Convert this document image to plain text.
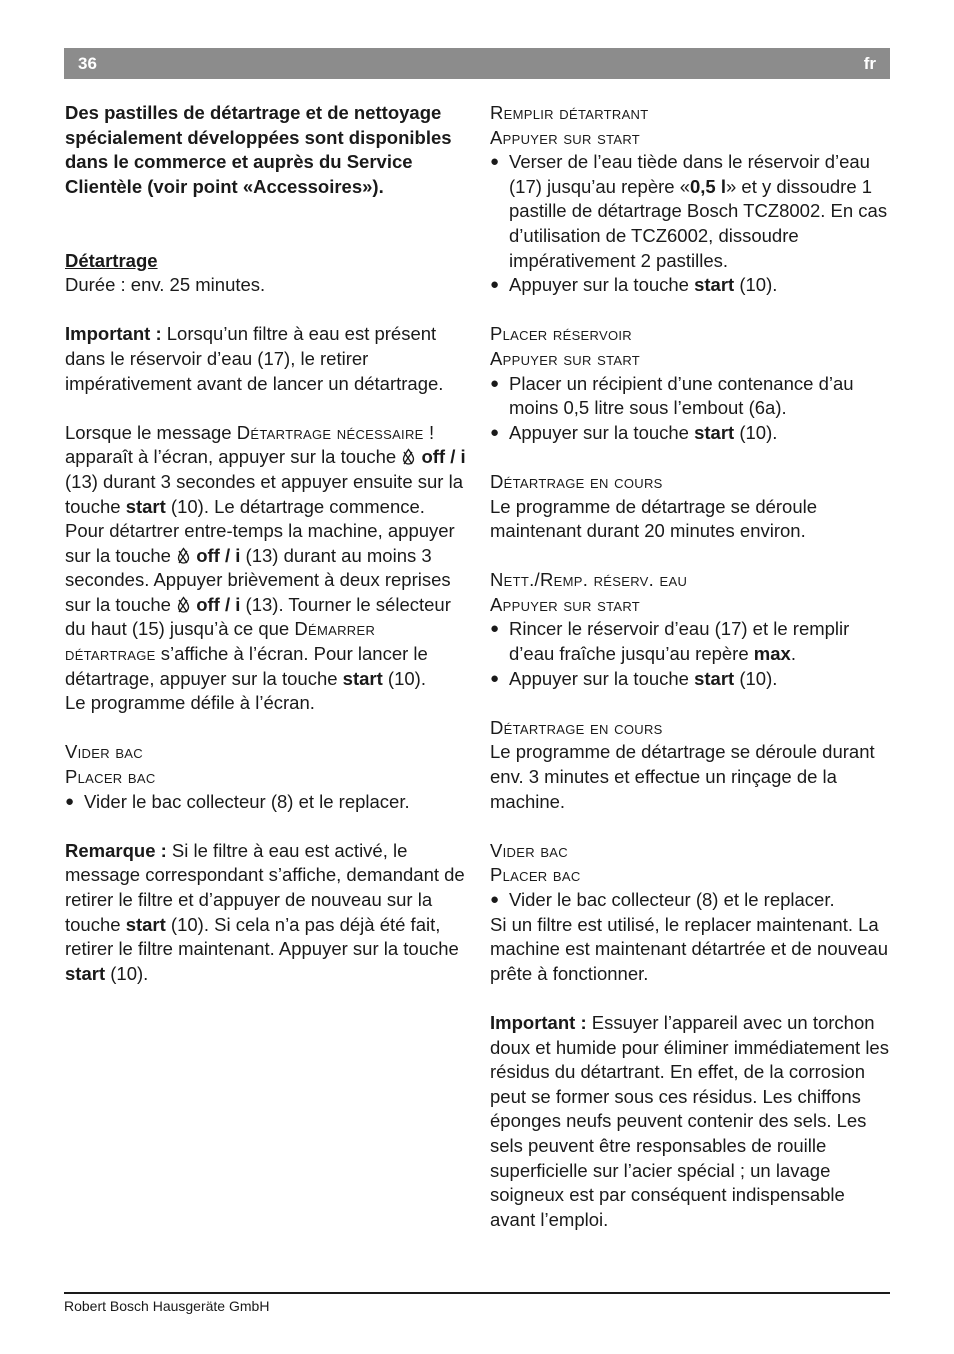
36	fr

Des pastilles de détartrage et de nettoyage spécialement développées sont disponibles dans le commerce et auprès du Service Clientèle (voir point «Accessoires»).

Détartrage

Durée : env. 25 minutes.

Important : Lorsqu’un filtre à eau est présent dans le réservoir d’eau (17), le retirer impérativement avant de lancer un détartrage.

Lorsque le message Détartrage nécessaire ! apparaît à l’écran, appuyer sur la touche
off / i (13) durant 3 secondes et appuyer ensuite sur la touche start (10). Le détartrage commence.

Pour détartrer entre-temps la machine, appuyer sur la touche
off / i (13) durant au moins 3 secondes. Appuyer brièvement à deux reprises sur la touche
off / i (13). Tourner le sélecteur du haut (15) jusqu’à ce que Démarrer détartrage s’affiche à l’écran. Pour lancer le détartrage, appuyer sur la touche start (10).

Le programme défile à l’écran.

Vider bac

Placer bac

● Vider le bac collecteur (8) et le replacer.

Remarque : Si le filtre à eau est activé, le message correspondant s’affiche, demandant de retirer le filtre et d’appuyer de nouveau sur la touche start (10). Si cela n’a pas déjà été fait, retirer le filtre maintenant. Appuyer sur la touche start (10).

Remplir détartrant

Appuyer sur start

● Verser de l’eau tiède dans le réservoir d’eau (17) jusqu’au repère «0,5 l» et y dissoudre 1 pastille de détartrage Bosch TCZ8002. En cas d’utilisation de TCZ6002, dissoudre impérativement 2 pastilles.
● Appuyer sur la touche start (10).

Placer réservoir

Appuyer sur start

● Placer un récipient d’une contenance d’au moins 0,5 litre sous l’embout (6a).
● Appuyer sur la touche start (10).

Détartrage en cours

Le programme de détartrage se déroule maintenant durant 20 minutes environ.

Nett./Remp. réserv. eau

Appuyer sur start

● Rincer le réservoir d’eau (17) et le remplir d’eau fraîche jusqu’au repère max.
● Appuyer sur la touche start (10).

Détartrage en cours

Le programme de détartrage se déroule durant env. 3 minutes et effectue un rinçage de la machine.

Vider bac

Placer bac

● Vider le bac collecteur (8) et le replacer.

Si un filtre est utilisé, le replacer maintenant. La machine est maintenant détartrée et de nouveau prête à fonctionner.

Important : Essuyer l’appareil avec un torchon doux et humide pour éliminer immédiatement les résidus du détartrant. En effet, de la corrosion peut se former sous ces résidus. Les chiffons éponges neufs peuvent contenir des sels. Les sels peuvent être responsables de rouille superficielle sur l’acier spécial ; un lavage soigneux est par conséquent indispensable avant l’emploi.

Robert Bosch Hausgeräte GmbH
